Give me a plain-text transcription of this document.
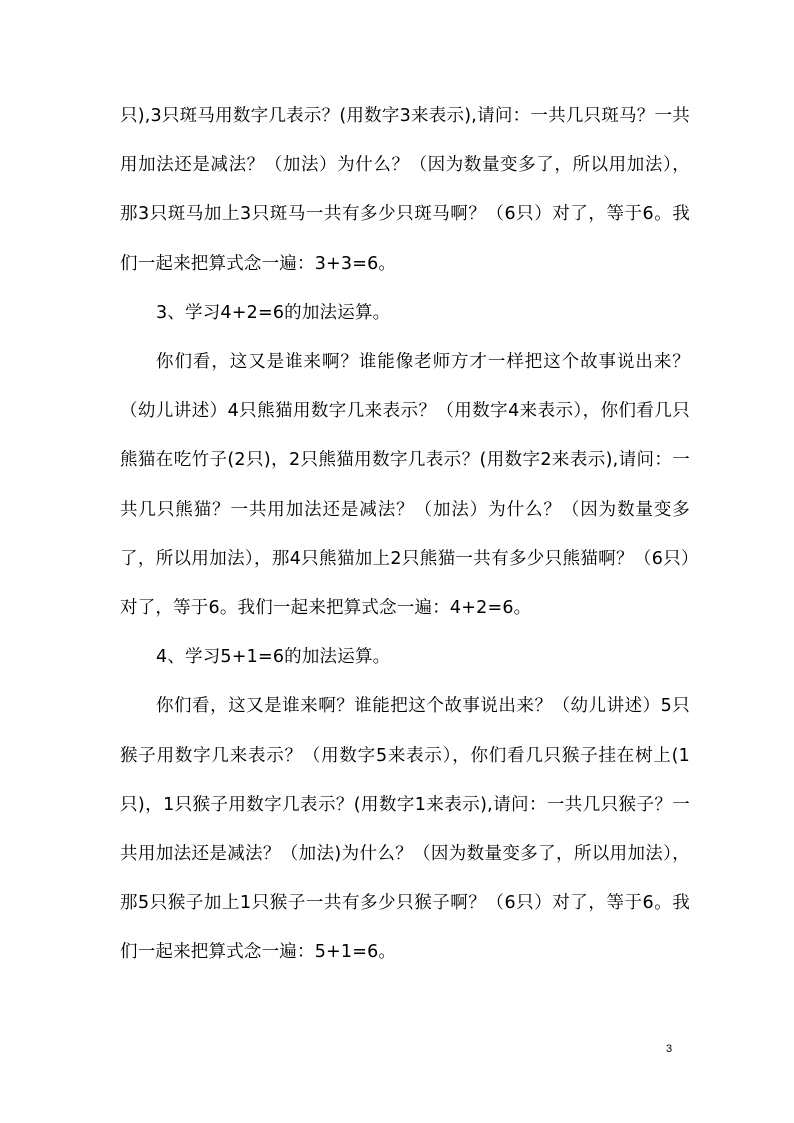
只),3只斑马用数字几表示？(用数字3来表示),请问：一共几只斑马？一共用加法还是减法？（加法）为什么？（因为数量变多了，所以用加法），那3只斑马加上3只斑马一共有多少只斑马啊？（6只）对了，等于6。我们一起来把算式念一遍：3+3=6。

3、学习4+2=6的加法运算。

你们看，这又是谁来啊？谁能像老师方才一样把这个故事说出来？（幼儿讲述）4只熊猫用数字几来表示？（用数字4来表示），你们看几只熊猫在吃竹子(2只)，2只熊猫用数字几表示？(用数字2来表示),请问：一共几只熊猫？一共用加法还是减法？（加法）为什么？（因为数量变多了，所以用加法），那4只熊猫加上2只熊猫一共有多少只熊猫啊？（6只）对了，等于6。我们一起来把算式念一遍：4+2=6。

4、学习5+1=6的加法运算。

你们看，这又是谁来啊？谁能把这个故事说出来？（幼儿讲述）5只猴子用数字几来表示？（用数字5来表示），你们看几只猴子挂在树上(1只)，1只猴子用数字几表示？(用数字1来表示),请问：一共几只猴子？一共用加法还是减法？（加法)为什么？（因为数量变多了，所以用加法），那5只猴子加上1只猴子一共有多少只猴子啊？（6只）对了，等于6。我们一起来把算式念一遍：5+1=6。

3
